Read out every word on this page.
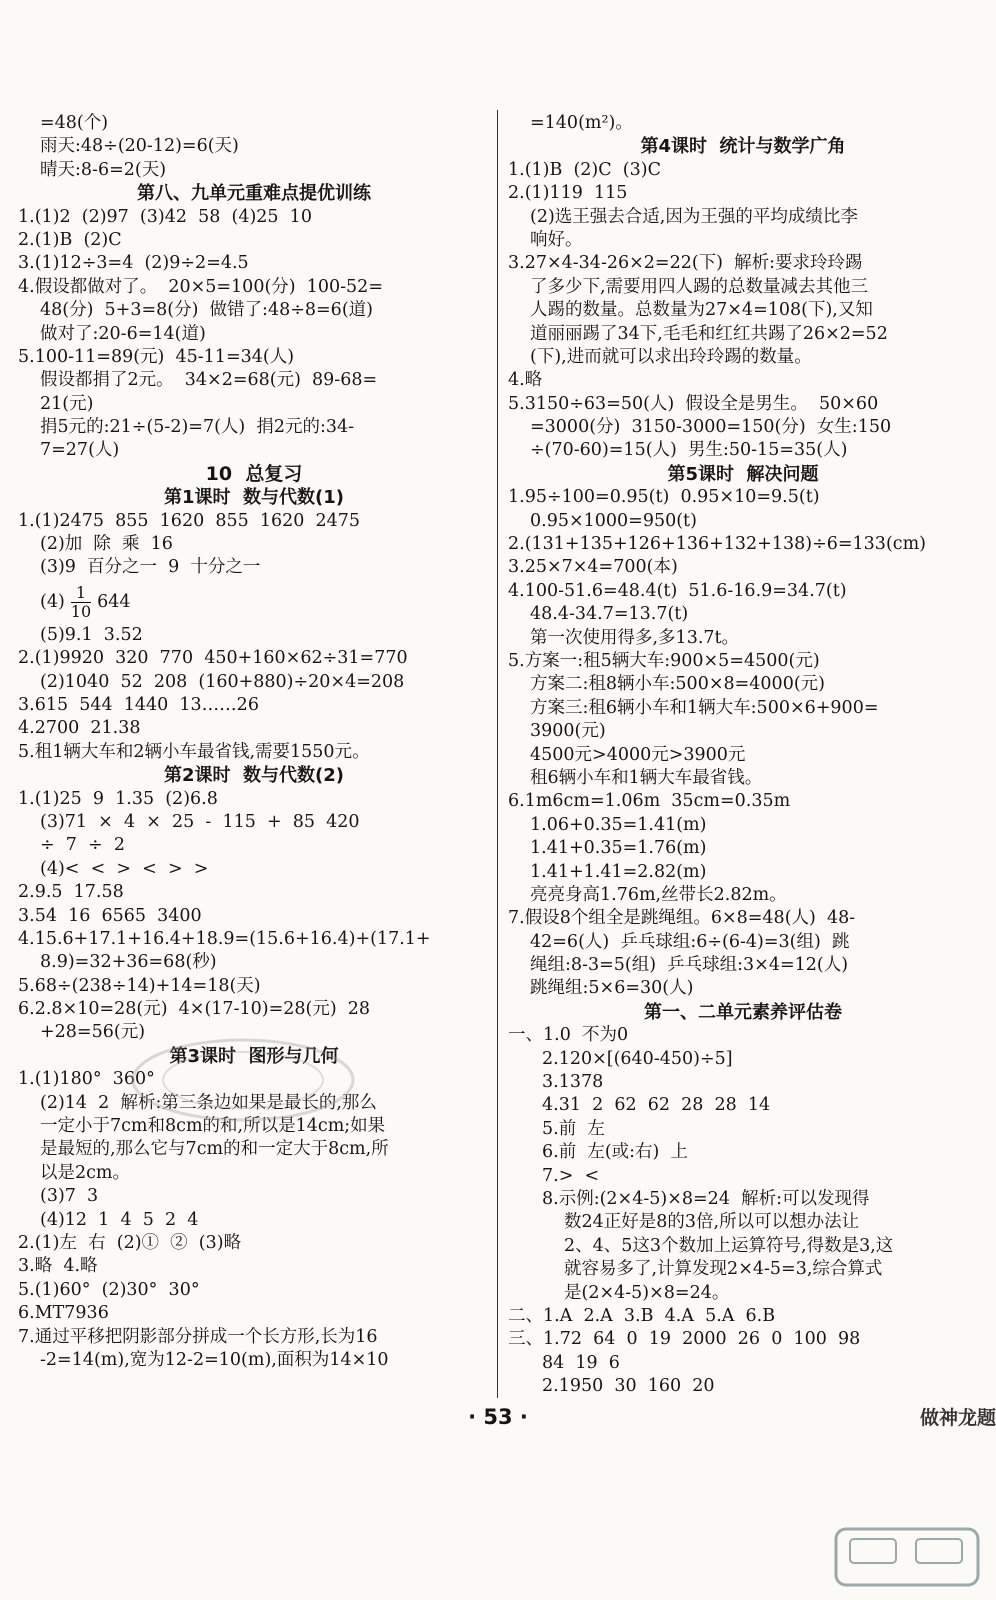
=48(个)
雨天:48÷(20-12)=6(天)
晴天:8-6=2(天)
第八、九单元重难点提优训练
1.(1)2  (2)97  (3)42  58  (4)25  10
2.(1)B  (2)C
3.(1)12÷3=4  (2)9÷2=4.5
4.假设都做对了。  20×5=100(分)  100-52=
48(分)  5+3=8(分)  做错了:48÷8=6(道)
做对了:20-6=14(道)
5.100-11=89(元)  45-11=34(人)
假设都捐了2元。  34×2=68(元)  89-68=
21(元)
捐5元的:21÷(5-2)=7(人)  捐2元的:34-
7=27(人)
10  总复习
第1课时  数与代数(1)
1.(1)2475  855  1620  855  1620  2475
(2)加  除  乘  16
(3)9  百分之一  9  十分之一
$(4) \frac{1}{10} 644$
(5)9.1  3.52
2.(1)9920  320  770  450+160×62÷31=770
(2)1040  52  208  (160+880)÷20×4=208
3.615  544  1440  13……26
4.2700  21.38
5.租1辆大车和2辆小车最省钱,需要1550元。
第2课时  数与代数(2)
1.(1)25  9  1.35  (2)6.8
(3)71  ×  4  ×  25  -  115  +  85  420
÷  7  ÷  2
(4)<  <  >  <  >  >
2.9.5  17.58
3.54  16  6565  3400
4.15.6+17.1+16.4+18.9=(15.6+16.4)+(17.1+
8.9)=32+36=68(秒)
5.68÷(238÷14)+14=18(天)
6.2.8×10=28(元)  4×(17-10)=28(元)  28
+28=56(元)
第3课时  图形与几何
1.(1)180°  360°
(2)14  2  解析:第三条边如果是最长的,那么
一定小于7cm和8cm的和,所以是14cm;如果
是最短的,那么它与7cm的和一定大于8cm,所
以是2cm。
(3)7  3
(4)12  1  4  5  2  4
2.(1)左  右  (2)①  ②  (3)略
3.略  4.略
5.(1)60°  (2)30°  30°
6.MT7936
7.通过平移把阴影部分拼成一个长方形,长为16
-2=14(m),宽为12-2=10(m),面积为14×10
=140(m²)。
第4课时  统计与数学广角
1.(1)B  (2)C  (3)C
2.(1)119  115
(2)选王强去合适,因为王强的平均成绩比李
响好。
3.27×4-34-26×2=22(下)  解析:要求玲玲踢
了多少下,需要用四人踢的总数量减去其他三
人踢的数量。总数量为27×4=108(下),又知
道丽丽踢了34下,毛毛和红红共踢了26×2=52
(下),进而就可以求出玲玲踢的数量。
4.略
5.3150÷63=50(人)  假设全是男生。  50×60
=3000(分)  3150-3000=150(分)  女生:150
÷(70-60)=15(人)  男生:50-15=35(人)
第5课时  解决问题
1.95÷100=0.95(t)  0.95×10=9.5(t)
0.95×1000=950(t)
2.(131+135+126+136+132+138)÷6=133(cm)
3.25×7×4=700(本)
4.100-51.6=48.4(t)  51.6-16.9=34.7(t)
48.4-34.7=13.7(t)
第一次使用得多,多13.7t。
5.方案一:租5辆大车:900×5=4500(元)
方案二:租8辆小车:500×8=4000(元)
方案三:租6辆小车和1辆大车:500×6+900=
3900(元)
4500元>4000元>3900元
租6辆小车和1辆大车最省钱。
6.1m6cm=1.06m  35cm=0.35m
1.06+0.35=1.41(m)
1.41+0.35=1.76(m)
1.41+1.41=2.82(m)
亮亮身高1.76m,丝带长2.82m。
7.假设8个组全是跳绳组。6×8=48(人)  48-
42=6(人)  乒乓球组:6÷(6-4)=3(组)  跳
绳组:8-3=5(组)  乒乓球组:3×4=12(人)
跳绳组:5×6=30(人)
第一、二单元素养评估卷
一、1.0  不为0
2.120×[(640-450)÷5]
3.1378
4.31  2  62  62  28  28  14
5.前  左
6.前  左(或:右)  上
7.>  <
8.示例:(2×4-5)×8=24  解析:可以发现得
数24正好是8的3倍,所以可以想办法让
2、4、5这3个数加上运算符号,得数是3,这
就容易多了,计算发现2×4-5=3,综合算式
是(2×4-5)×8=24。
二、1.A  2.A  3.B  4.A  5.A  6.B
三、1.72  64  0  19  2000  26  0  100  98
84  19  6
2.1950  30  160  20
· 53 ·	做神龙题
